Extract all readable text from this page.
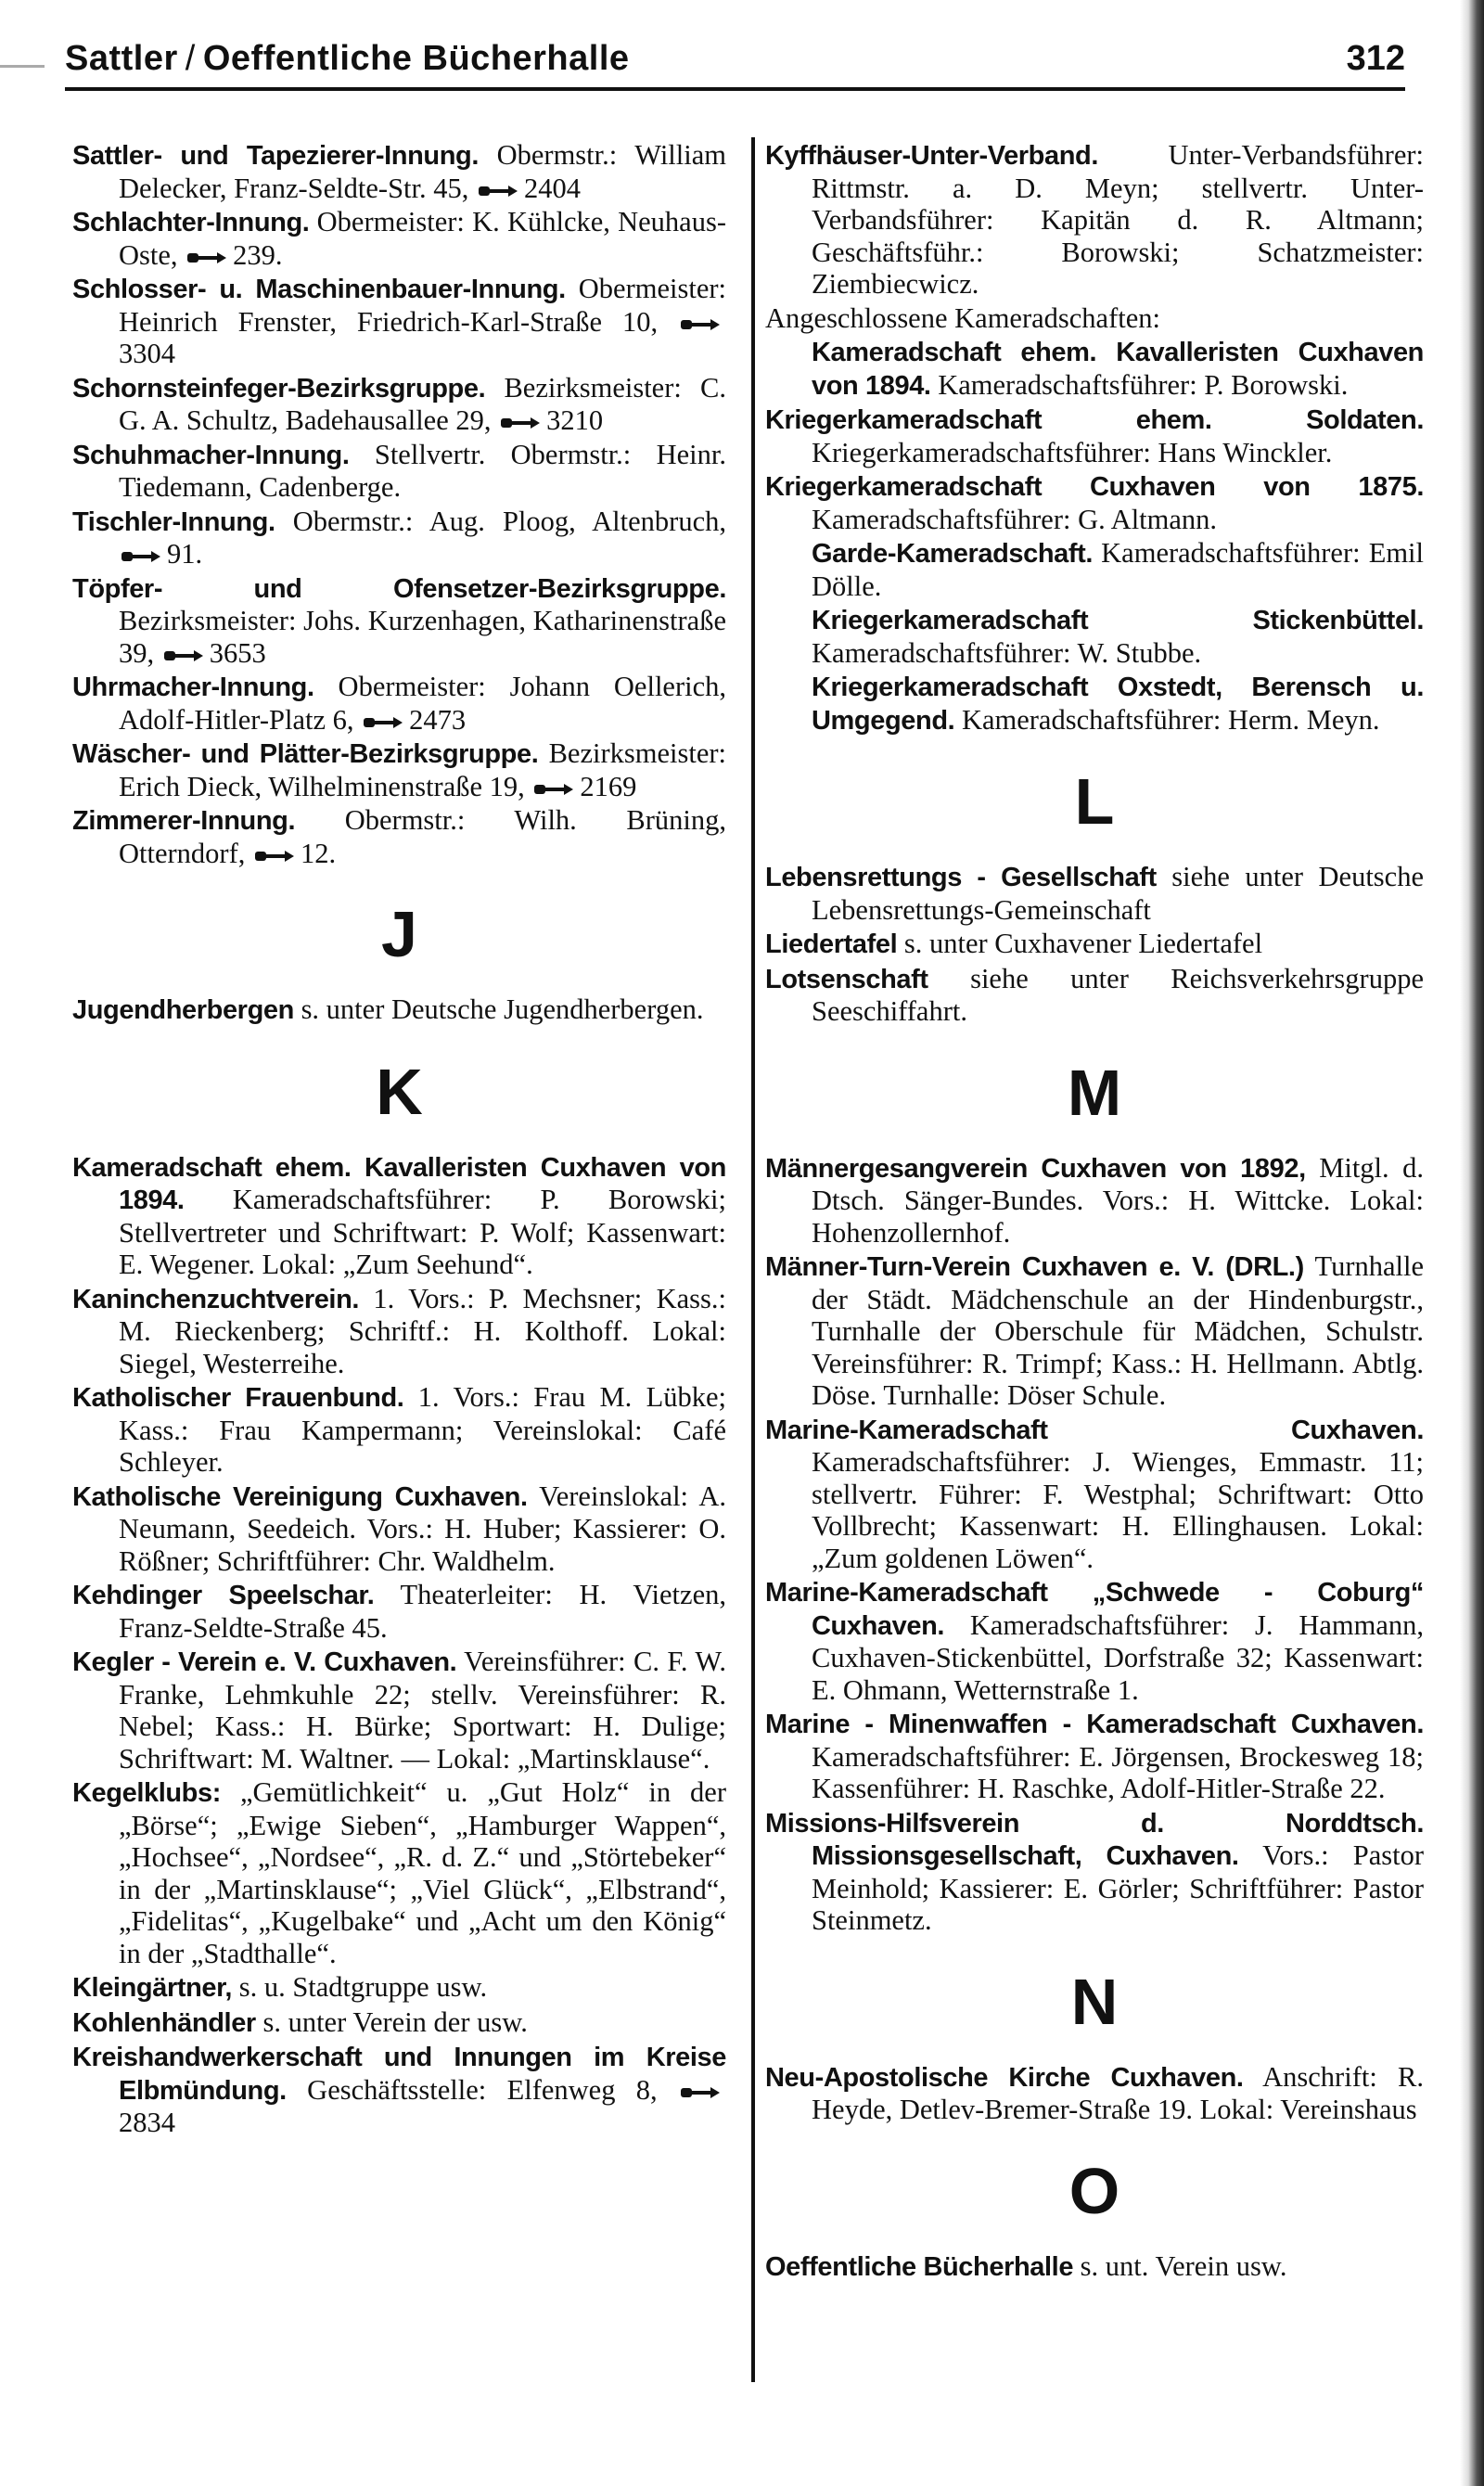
Sattler / Oeffentliche Bücherhalle	312
Sattler- und Tapezierer-Innung. Obermstr.: William Delecker, Franz-Seldte-Str. 45, 2404
Schlachter-Innung. Obermeister: K. Kühlcke, Neuhaus-Oste, 239.
Schlosser- u. Maschinenbauer-Innung. Obermeister: Heinrich Frenster, Friedrich-Karl-Straße 10, 3304
Schornsteinfeger-Bezirksgruppe. Bezirksmeister: C. G. A. Schultz, Badehausallee 29, 3210
Schuhmacher-Innung. Stellvertr. Obermstr.: Heinr. Tiedemann, Cadenberge.
Tischler-Innung. Obermstr.: Aug. Ploog, Altenbruch, 91.
Töpfer- und Ofensetzer-Bezirksgruppe. Bezirksmeister: Johs. Kurzenhagen, Katharinenstraße 39, 3653
Uhrmacher-Innung. Obermeister: Johann Oellerich, Adolf-Hitler-Platz 6, 2473
Wäscher- und Plätter-Bezirksgruppe. Bezirksmeister: Erich Dieck, Wilhelminenstraße 19, 2169
Zimmerer-Innung. Obermstr.: Wilh. Brüning, Otterndorf, 12.
J
Jugendherbergen s. unter Deutsche Jugendherbergen.
K
Kameradschaft ehem. Kavalleristen Cuxhaven von 1894. Kameradschaftsführer: P. Borowski; Stellvertreter und Schriftwart: P. Wolf; Kassenwart: E. Wegener. Lokal: „Zum Seehund“.
Kaninchenzuchtverein. 1. Vors.: P. Mechsner; Kass.: M. Rieckenberg; Schriftf.: H. Kolthoff. Lokal: Siegel, Westerreihe.
Katholischer Frauenbund. 1. Vors.: Frau M. Lübke; Kass.: Frau Kampermann; Vereinslokal: Café Schleyer.
Katholische Vereinigung Cuxhaven. Vereinslokal: A. Neumann, Seedeich. Vors.: H. Huber; Kassierer: O. Rößner; Schriftführer: Chr. Waldhelm.
Kehdinger Speelschar. Theaterleiter: H. Vietzen, Franz-Seldte-Straße 45.
Kegler - Verein e. V. Cuxhaven. Vereinsführer: C. F. W. Franke, Lehmkuhle 22; stellv. Vereinsführer: R. Nebel; Kass.: H. Bürke; Sportwart: H. Dulige; Schriftwart: M. Waltner. — Lokal: „Martinsklause“.
Kegelklubs: „Gemütlichkeit“ u. „Gut Holz“ in der „Börse“; „Ewige Sieben“, „Hamburger Wappen“, „Hochsee“, „Nordsee“, „R. d. Z.“ und „Störtebeker“ in der „Martinsklause“; „Viel Glück“, „Elbstrand“, „Fidelitas“, „Kugelbake“ und „Acht um den König“ in der „Stadthalle“.
Kleingärtner, s. u. Stadtgruppe usw.
Kohlenhändler s. unter Verein der usw.
Kreishandwerkerschaft und Innungen im Kreise Elbmündung. Geschäftsstelle: Elfenweg 8, 2834
Kyffhäuser-Unter-Verband. Unter-Verbandsführer: Rittmstr. a. D. Meyn; stellvertr. Unter-Verbandsführer: Kapitän d. R. Altmann; Geschäftsführ.: Borowski; Schatzmeister: Ziembiecwicz.
Angeschlossene Kameradschaften:
Kameradschaft ehem. Kavalleristen Cuxhaven von 1894. Kameradschaftsführer: P. Borowski.
Kriegerkameradschaft ehem. Soldaten. Kriegerkameradschaftsführer: Hans Winckler.
Kriegerkameradschaft Cuxhaven von 1875. Kameradschaftsführer: G. Altmann.
Garde-Kameradschaft. Kameradschaftsführer: Emil Dölle.
Kriegerkameradschaft Stickenbüttel. Kameradschaftsführer: W. Stubbe.
Kriegerkameradschaft Oxstedt, Berensch u. Umgegend. Kameradschaftsführer: Herm. Meyn.
L
Lebensrettungs - Gesellschaft siehe unter Deutsche Lebensrettungs-Gemeinschaft
Liedertafel s. unter Cuxhavener Liedertafel
Lotsenschaft siehe unter Reichsverkehrsgruppe Seeschiffahrt.
M
Männergesangverein Cuxhaven von 1892, Mitgl. d. Dtsch. Sänger-Bundes. Vors.: H. Wittcke. Lokal: Hohenzollernhof.
Männer-Turn-Verein Cuxhaven e. V. (DRL.) Turnhalle der Städt. Mädchenschule an der Hindenburgstr., Turnhalle der Oberschule für Mädchen, Schulstr. Vereinsführer: R. Trimpf; Kass.: H. Hellmann. Abtlg. Döse. Turnhalle: Döser Schule.
Marine-Kameradschaft Cuxhaven. Kameradschaftsführer: J. Wienges, Emmastr. 11; stellvertr. Führer: F. Westphal; Schriftwart: Otto Vollbrecht; Kassenwart: H. Ellinghausen. Lokal: „Zum goldenen Löwen“.
Marine-Kameradschaft „Schwede - Coburg“ Cuxhaven. Kameradschaftsführer: J. Hammann, Cuxhaven-Stickenbüttel, Dorfstraße 32; Kassenwart: E. Ohmann, Wetternstraße 1.
Marine - Minenwaffen - Kameradschaft Cuxhaven. Kameradschaftsführer: E. Jörgensen, Brockesweg 18; Kassenführer: H. Raschke, Adolf-Hitler-Straße 22.
Missions-Hilfsverein d. Norddtsch. Missionsgesellschaft, Cuxhaven. Vors.: Pastor Meinhold; Kassierer: E. Görler; Schriftführer: Pastor Steinmetz.
N
Neu-Apostolische Kirche Cuxhaven. Anschrift: R. Heyde, Detlev-Bremer-Straße 19. Lokal: Vereinshaus
O
Oeffentliche Bücherhalle s. unt. Verein usw.
